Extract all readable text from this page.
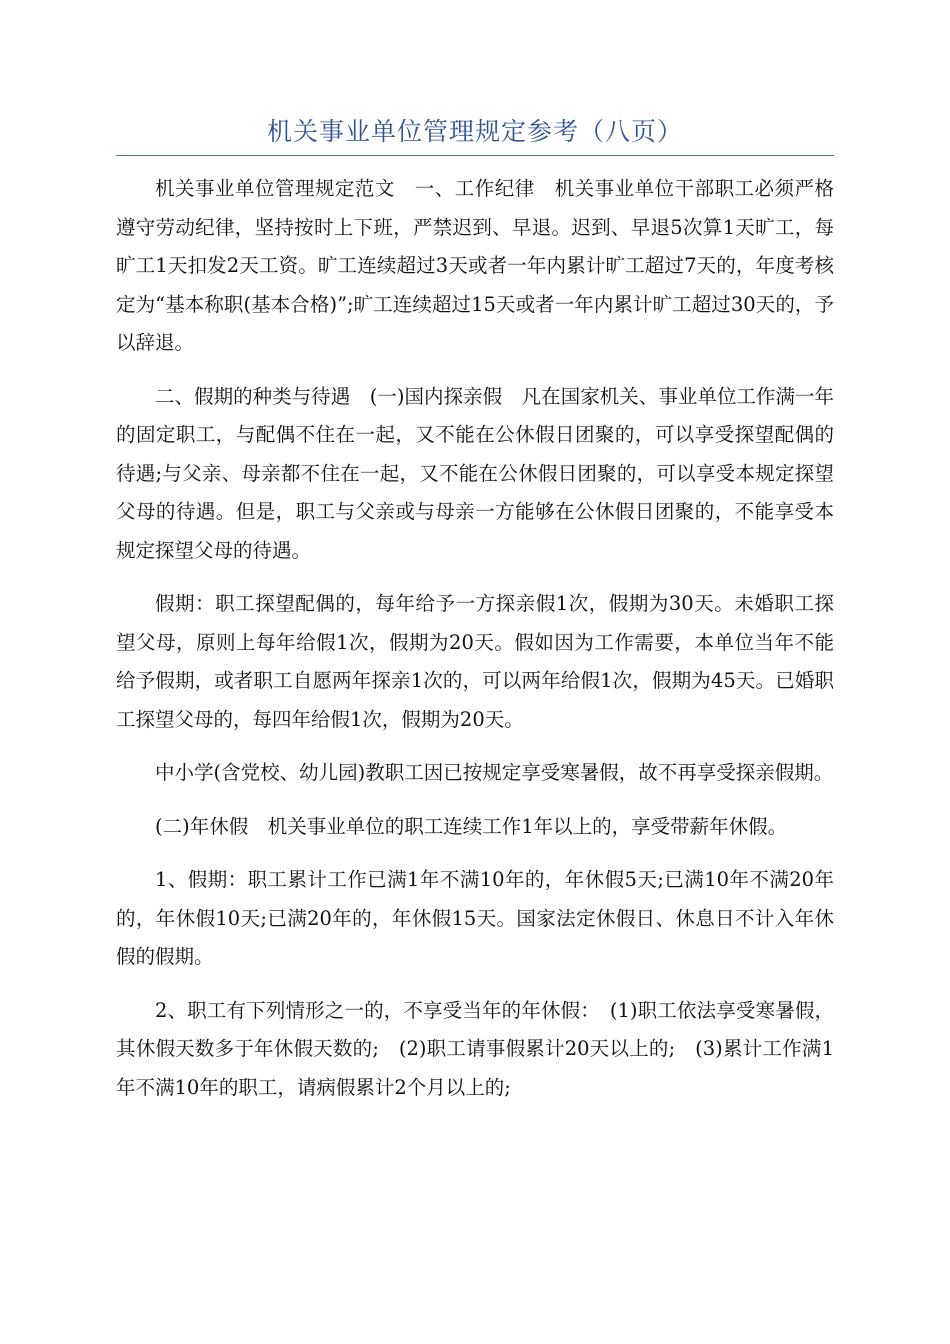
机关事业单位管理规定参考（八页）

机关事业单位管理规定范文　一、工作纪律　机关事业单位干部职工必须严格遵守劳动纪律，坚持按时上下班，严禁迟到、早退。迟到、早退5次算1天旷工，每旷工1天扣发2天工资。旷工连续超过3天或者一年内累计旷工超过7天的，年度考核定为“基本称职(基本合格)”;旷工连续超过15天或者一年内累计旷工超过30天的，予以辞退。

二、假期的种类与待遇　(一)国内探亲假　凡在国家机关、事业单位工作满一年的固定职工，与配偶不住在一起，又不能在公休假日团聚的，可以享受探望配偶的待遇;与父亲、母亲都不住在一起，又不能在公休假日团聚的，可以享受本规定探望父母的待遇。但是，职工与父亲或与母亲一方能够在公休假日团聚的，不能享受本规定探望父母的待遇。

假期：职工探望配偶的，每年给予一方探亲假1次，假期为30天。未婚职工探望父母，原则上每年给假1次，假期为20天。假如因为工作需要，本单位当年不能给予假期，或者职工自愿两年探亲1次的，可以两年给假1次，假期为45天。已婚职工探望父母的，每四年给假1次，假期为20天。

中小学(含党校、幼儿园)教职工因已按规定享受寒暑假，故不再享受探亲假期。

(二)年休假　机关事业单位的职工连续工作1年以上的，享受带薪年休假。

1、假期：职工累计工作已满1年不满10年的，年休假5天;已满10年不满20年的，年休假10天;已满20年的，年休假15天。国家法定休假日、休息日不计入年休假的假期。

2、职工有下列情形之一的，不享受当年的年休假：　(1)职工依法享受寒暑假，其休假天数多于年休假天数的;　(2)职工请事假累计20天以上的;　(3)累计工作满1年不满10年的职工，请病假累计2个月以上的;
